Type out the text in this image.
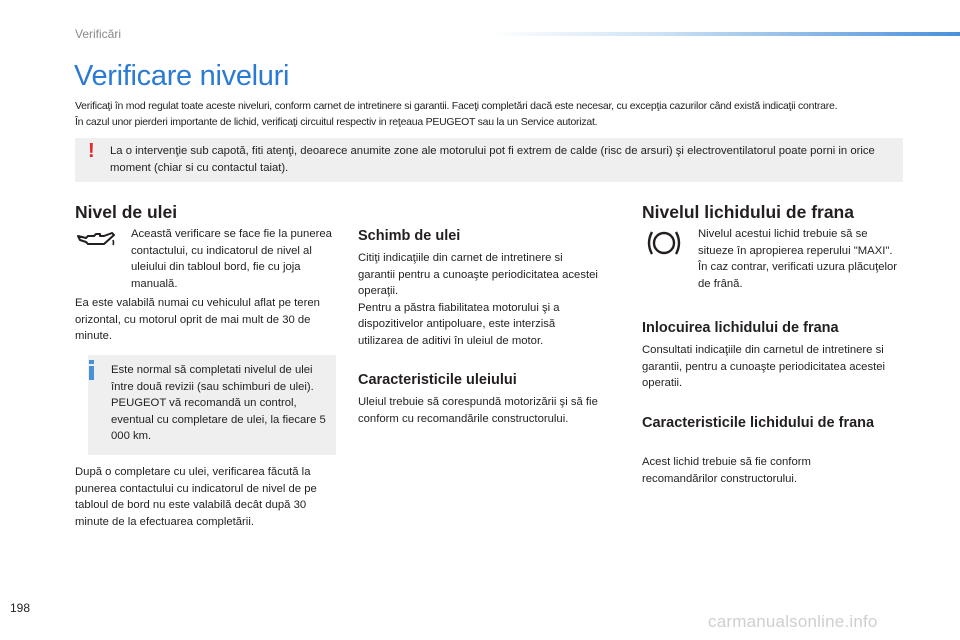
Verificări
Verificare niveluri

Verificaţi în mod regulat toate aceste niveluri, conform carnet de intretinere si garantii. Faceţi completări dacă este necesar, cu excepţia cazurilor când există indicaţii contrare.

În cazul unor pierderi importante de lichid, verificaţi circuitul respectiv in reţeaua PEUGEOT sau la un Service autorizat.

! La o intervenţie sub capotă, fiti atenţi, deoarece anumite zone ale motorului pot fi extrem de calde (risc de arsuri) şi electroventilatorul poate porni in orice moment (chiar si cu contactul taiat).
Nivel de ulei
Această verificare se face fie la punerea contactului, cu indicatorul de nivel al uleiului din tabloul bord, fie cu joja manuală.
Ea este valabilă numai cu vehiculul aflat pe teren orizontal, cu motorul oprit de mai mult de 30 de minute.
Este normal să completati nivelul de ulei între două revizii (sau schimburi de ulei). PEUGEOT vă recomandă un control, eventual cu completare de ulei, la fiecare 5 000 km.
După o completare cu ulei, verificarea făcută la punerea contactului cu indicatorul de nivel de pe tabloul de bord nu este valabilă decât după 30 minute de la efectuarea completării.
Schimb de ulei

Citiţi indicaţiile din carnet de intretinere si garantii pentru a cunoaşte periodicitatea acestei operaţii.

Pentru a păstra fiabilitatea motorului şi a dispozitivelor antipoluare, este interzisă utilizarea de aditivi în uleiul de motor.

Caracteristicile uleiului
Uleiul trebuie să corespundă motorizării şi să fie conform cu recomandările constructorului.
Nivelul lichidului de frana
Nivelul acestui lichid trebuie să se situeze în apropierea reperului "MAXI". În caz contrar, verificati uzura plăcuţelor de frână.
Inlocuirea lichidului de frana
Consultati indicaţiile din carnetul de intretinere si garantii, pentru a cunoaşte periodicitatea acestei operatii.
Caracteristicile lichidului de frana
Acest lichid trebuie să fie conform recomandărilor constructorului.
198
carmanualsonline.info
